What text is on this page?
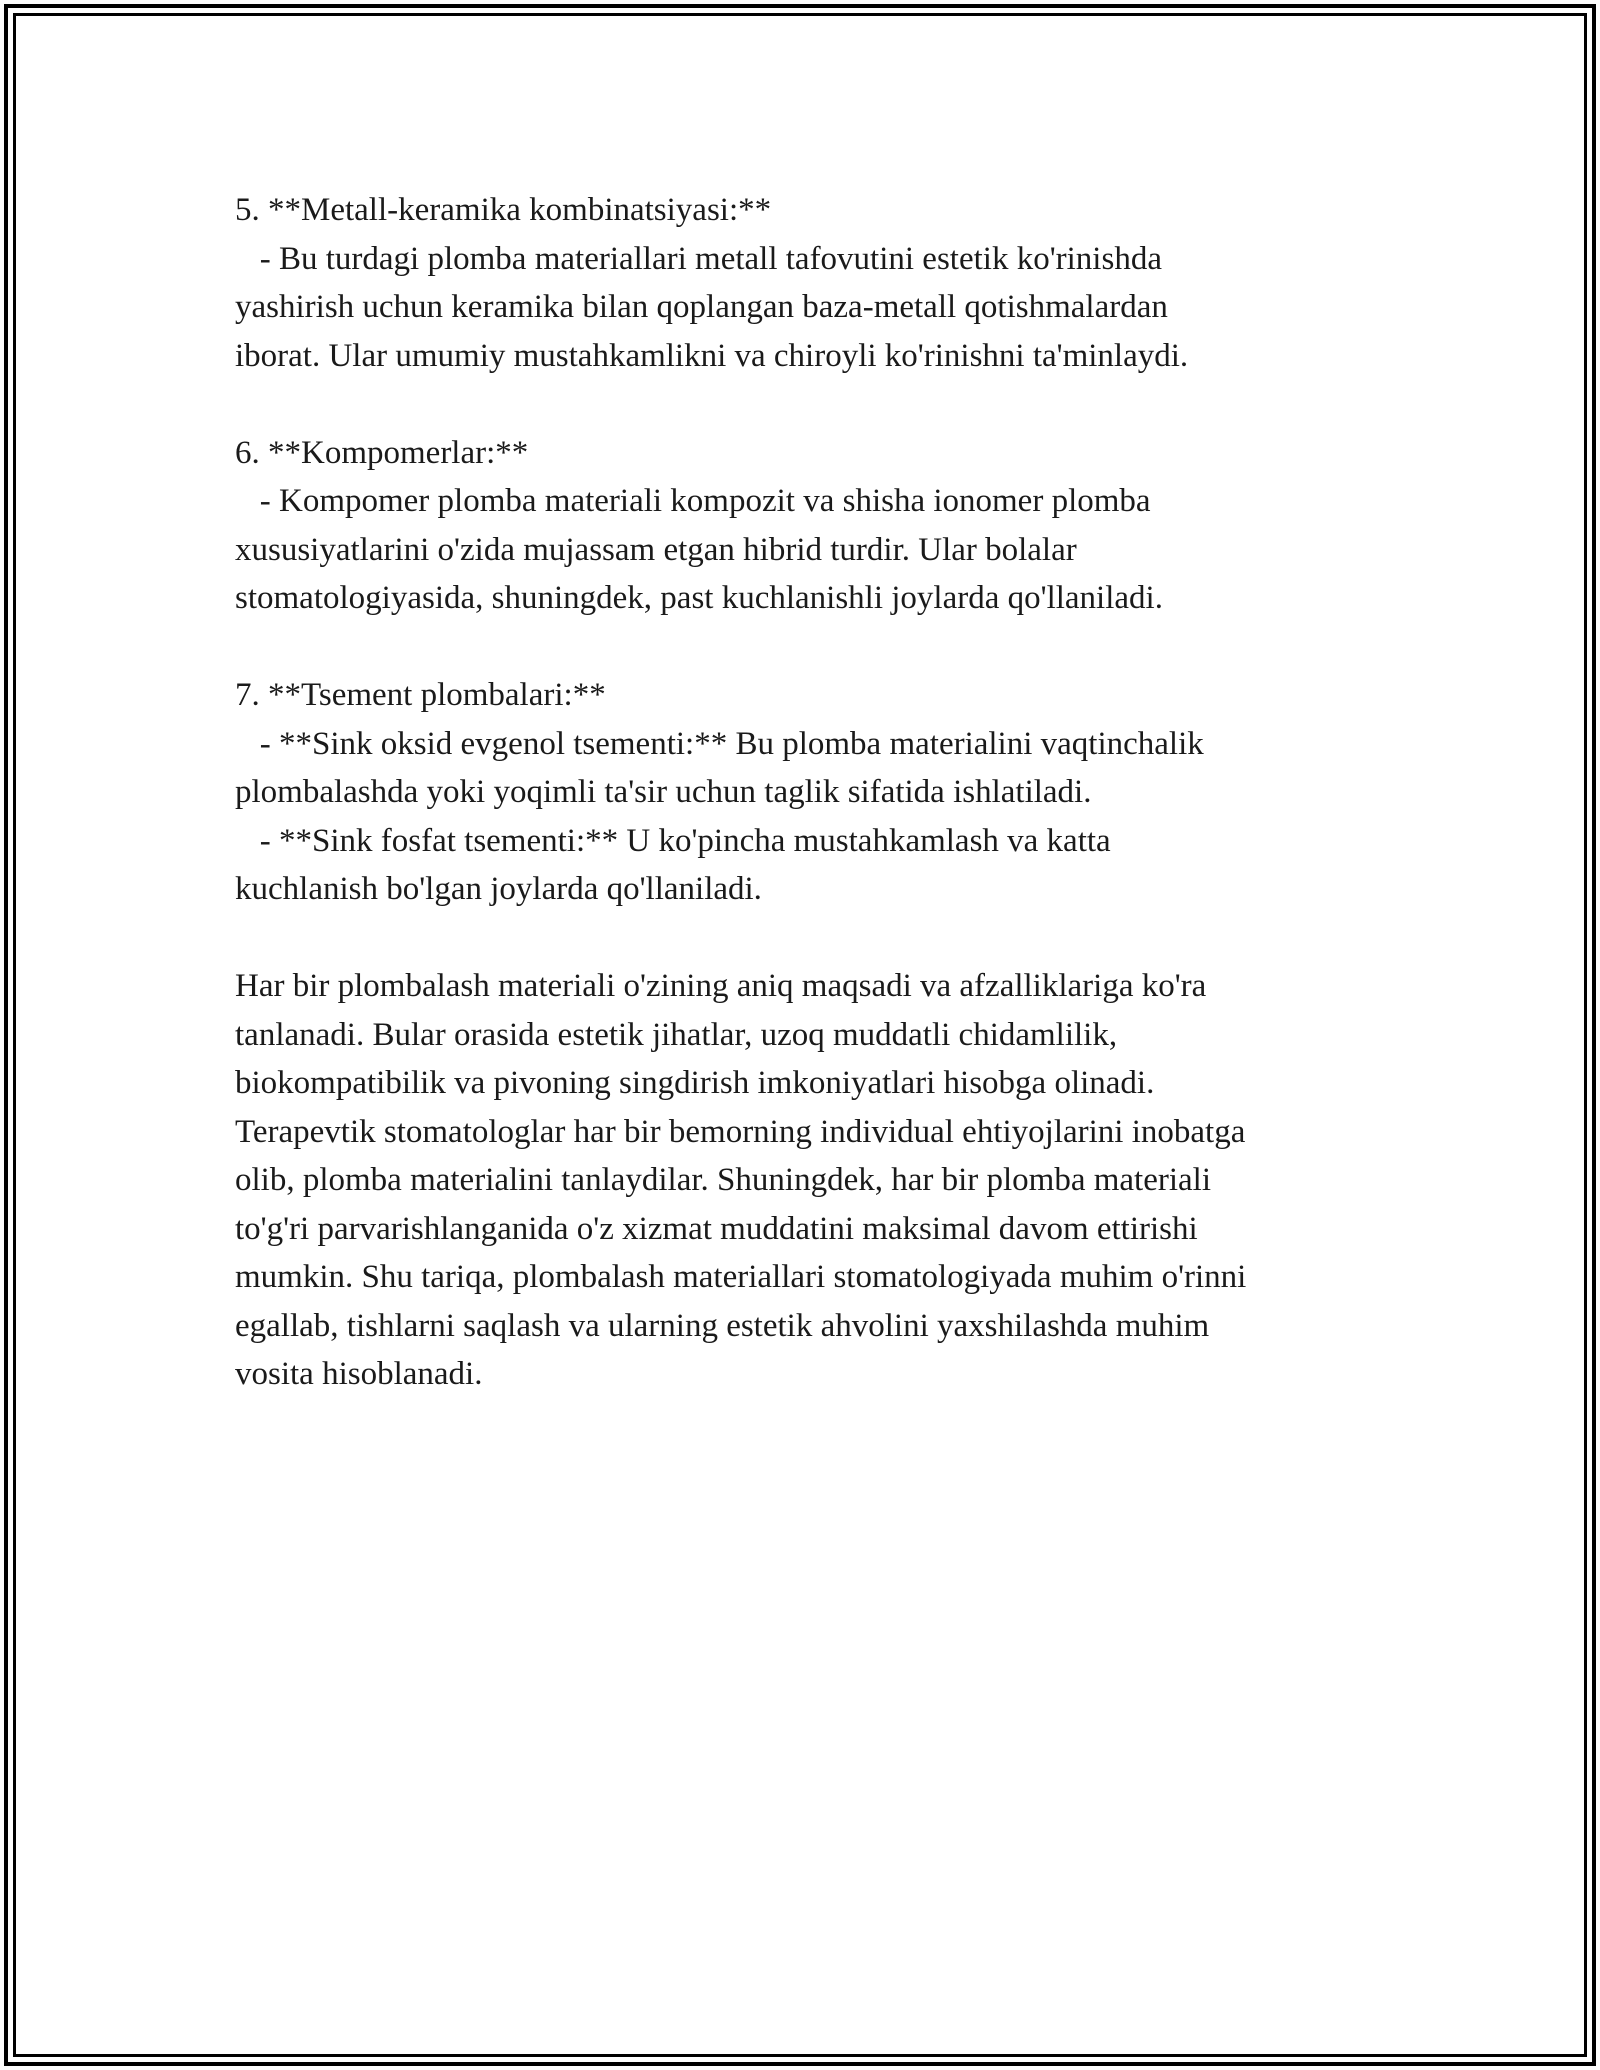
5. **Metall-keramika kombinatsiyasi:**
- Bu turdagi plomba materiallari metall tafovutini estetik ko'rinishda
yashirish uchun keramika bilan qoplangan baza-metall qotishmalardan
iborat. Ular umumiy mustahkamlikni va chiroyli ko'rinishni ta'minlaydi.
6. **Kompomerlar:**
- Kompomer plomba materiali kompozit va shisha ionomer plomba
xususiyatlarini o'zida mujassam etgan hibrid turdir. Ular bolalar
stomatologiyasida, shuningdek, past kuchlanishli joylarda qo'llaniladi.
7. **Tsement plombalari:**
- **Sink oksid evgenol tsementi:** Bu plomba materialini vaqtinchalik
plombalashda yoki yoqimli ta'sir uchun taglik sifatida ishlatiladi.
- **Sink fosfat tsementi:** U ko'pincha mustahkamlash va katta
kuchlanish bo'lgan joylarda qo'llaniladi.
Har bir plombalash materiali o'zining aniq maqsadi va afzalliklariga ko'ra
tanlanadi. Bular orasida estetik jihatlar, uzoq muddatli chidamlilik,
biokompatibilik va pivoning singdirish imkoniyatlari hisobga olinadi.
Terapevtik stomatologlar har bir bemorning individual ehtiyojlarini inobatga
olib, plomba materialini tanlaydilar. Shuningdek, har bir plomba materiali
to'g'ri parvarishlanganida o'z xizmat muddatini maksimal davom ettirishi
mumkin. Shu tariqa, plombalash materiallari stomatologiyada muhim o'rinni
egallab, tishlarni saqlash va ularning estetik ahvolini yaxshilashda muhim
vosita hisoblanadi.
